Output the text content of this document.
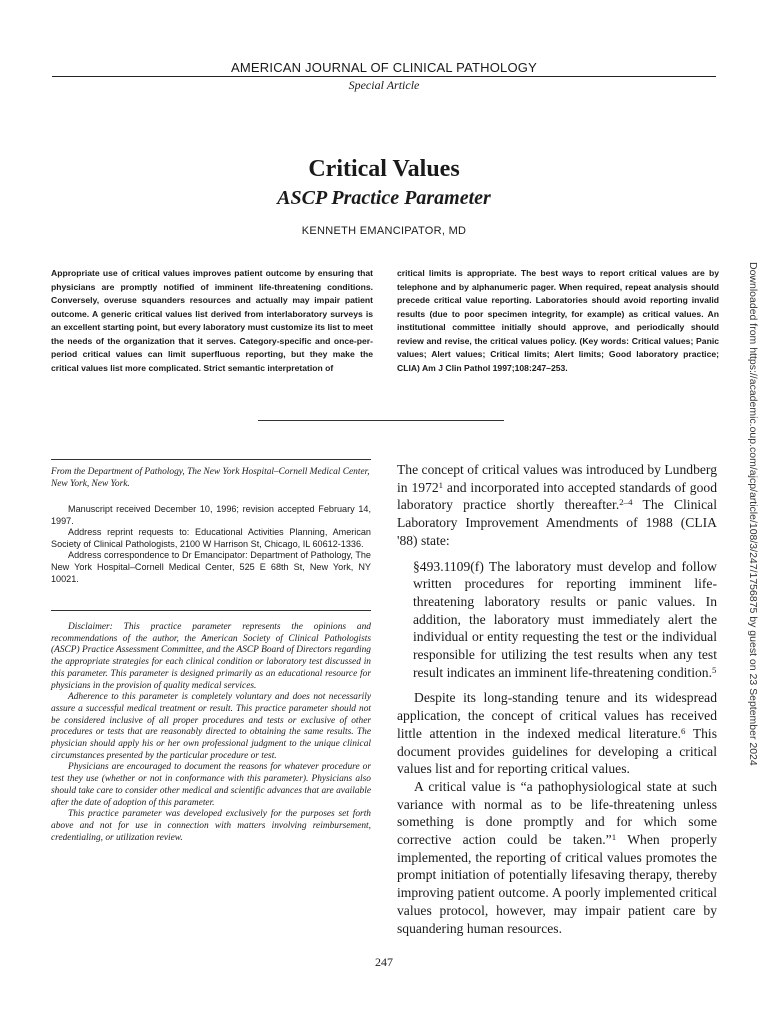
AMERICAN JOURNAL OF CLINICAL PATHOLOGY
Special Article
Critical Values
ASCP Practice Parameter
KENNETH EMANCIPATOR, MD
Appropriate use of critical values improves patient outcome by ensuring that physicians are promptly notified of imminent life-threatening conditions. Conversely, overuse squanders resources and actually may impair patient outcome. A generic critical values list derived from interlaboratory surveys is an excellent starting point, but every laboratory must customize its list to meet the needs of the organization that it serves. Category-specific and once-per-period critical values can limit superfluous reporting, but they make the critical values list more complicated. Strict semantic interpretation of
critical limits is appropriate. The best ways to report critical values are by telephone and by alphanumeric pager. When required, repeat analysis should precede critical value reporting. Laboratories should avoid reporting invalid results (due to poor specimen integrity, for example) as critical values. An institutional committee initially should approve, and periodically should review and revise, the critical values policy. (Key words: Critical values; Panic values; Alert values; Critical limits; Alert limits; Good laboratory practice; CLIA) Am J Clin Pathol 1997;108:247–253.
From the Department of Pathology, The New York Hospital–Cornell Medical Center, New York, New York.

Manuscript received December 10, 1996; revision accepted February 14, 1997.

Address reprint requests to: Educational Activities Planning, American Society of Clinical Pathologists, 2100 W Harrison St, Chicago, IL 60612-1336.

Address correspondence to Dr Emancipator: Department of Pathology, The New York Hospital–Cornell Medical Center, 525 E 68th St, New York, NY 10021.

Disclaimer: This practice parameter represents the opinions and recommendations of the author, the American Society of Clinical Pathologists (ASCP) Practice Assessment Committee, and the ASCP Board of Directors regarding the appropriate strategies for each clinical condition or laboratory test discussed in this parameter. This parameter is designed primarily as an educational resource for physicians in the provision of quality medical services.

Adherence to this parameter is completely voluntary and does not necessarily assure a successful medical treatment or result. This practice parameter should not be considered inclusive of all proper procedures and tests or exclusive of other procedures or tests that are reasonably directed to obtaining the same results. The physician should apply his or her own professional judgment to the unique clinical circumstances presented by the particular procedure or test.

Physicians are encouraged to document the reasons for whatever procedure or test they use (whether or not in conformance with this parameter). Physicians also should take care to consider other medical and scientific advances that are available after the date of adoption of this parameter.

This practice parameter was developed exclusively for the purposes set forth above and not for use in connection with matters involving reimbursement, credentialing, or utilization review.

The concept of critical values was introduced by Lundberg in 1972$^1$ and incorporated into accepted standards of good laboratory practice shortly thereafter.$^{2-4}$ The Clinical Laboratory Improvement Amendments of 1988 (CLIA '88) state:

§493.1109(f) The laboratory must develop and follow written procedures for reporting imminent life-threatening laboratory results or panic values. In addition, the laboratory must immediately alert the individual or entity requesting the test or the individual responsible for utilizing the test results when any test result indicates an imminent life-threatening condition.$^5$

Despite its long-standing tenure and its widespread application, the concept of critical values has received little attention in the indexed medical literature.$^6$ This document provides guidelines for developing a critical values list and for reporting critical values.

A critical value is “a pathophysiological state at such variance with normal as to be life-threatening unless something is done promptly and for which some corrective action could be taken.”$^1$ When properly implemented, the reporting of critical values promotes the prompt initiation of potentially lifesaving therapy, thereby improving patient outcome. A poorly implemented critical values protocol, however, may impair patient care by squandering human resources.

247
Downloaded from https://academic.oup.com/ajcp/article/108/3/247/1756875 by guest on 23 September 2024
